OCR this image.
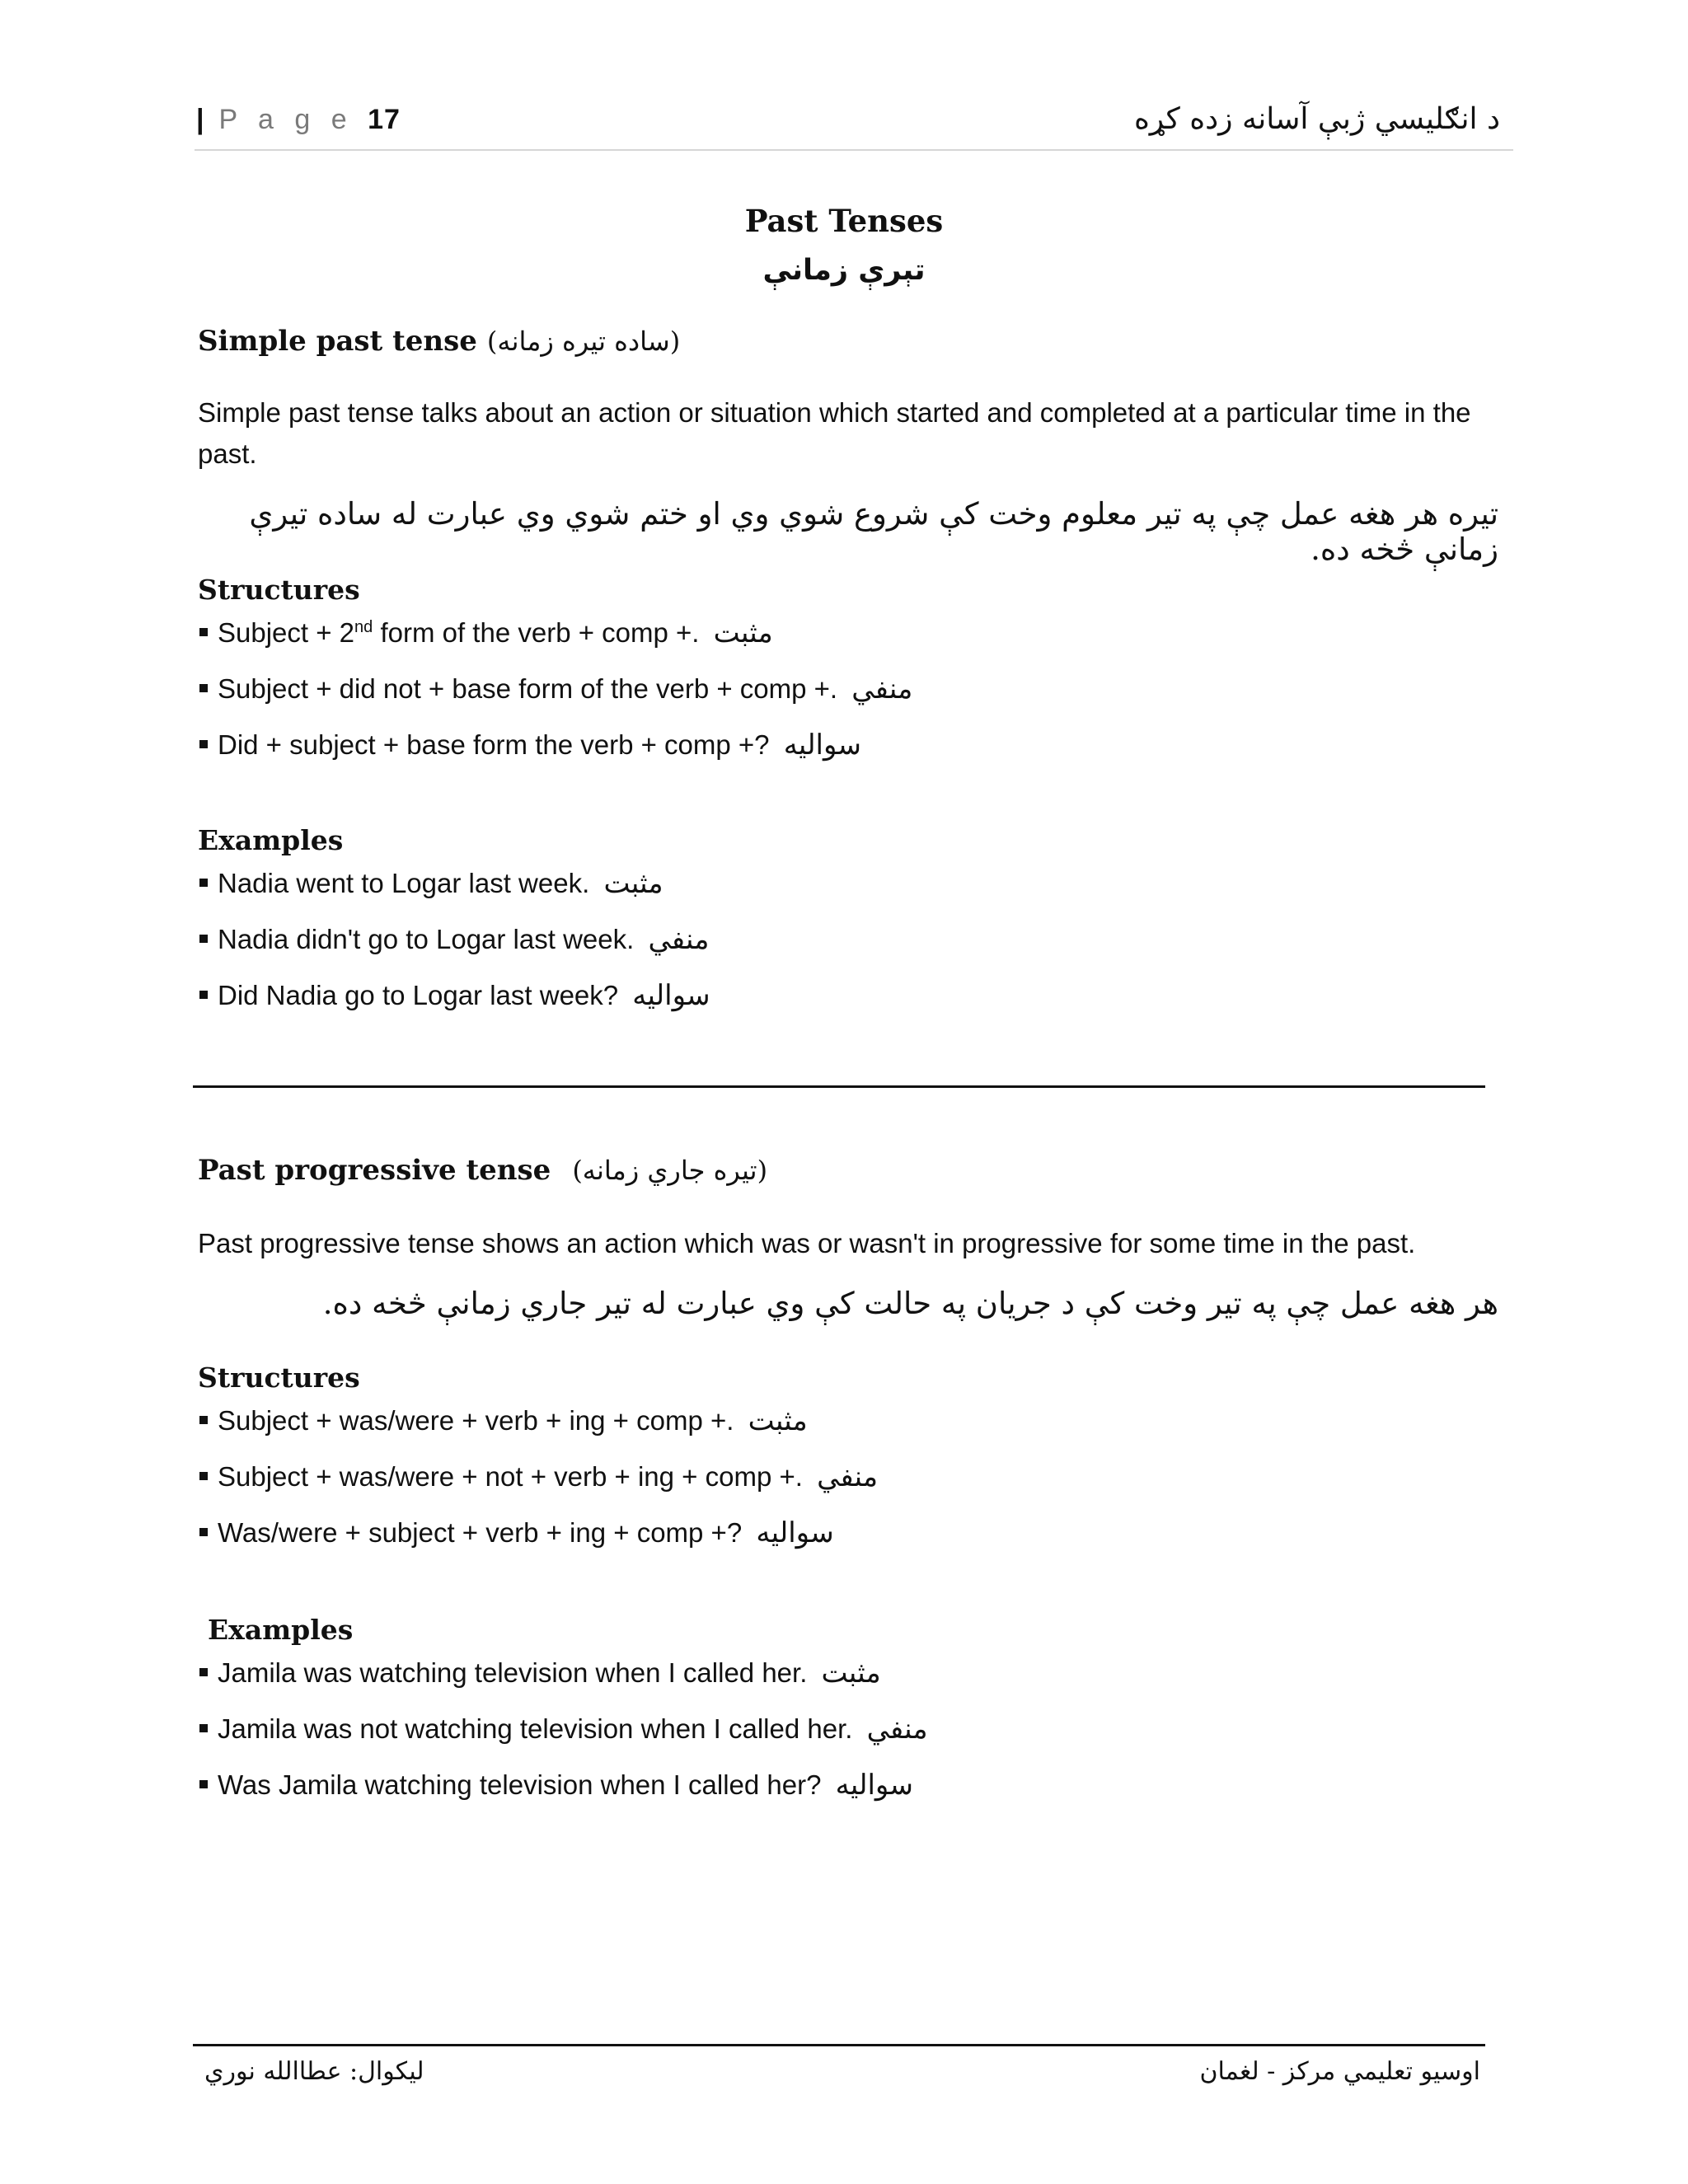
| P a g e 17	د انګلیسي ژبې آسانه زده کړه
Past Tenses
تېرې زمانې
Simple past tense (ساده تیره زمانه)
Simple past tense talks about an action or situation which started and completed at a particular time in the past.
تیره هر هغه عمل چې په تیر معلوم وخت کې شروع شوي وي او ختم شوي وي عبارت له ساده تیرې زمانې څخه ده.
Structures
Subject + 2nd form of the verb + comp +. مثبت
Subject + did not + base form of the verb + comp +. منفي
Did + subject + base form the verb + comp +? سواليه
Examples
Nadia went to Logar last week. مثبت
Nadia didn't go to Logar last week. منفي
Did Nadia go to Logar last week? سواليه
Past progressive tense (تیره جاري زمانه)
Past progressive tense shows an action which was or wasn't in progressive for some time in the past.
هر هغه عمل چې په تیر وخت کې د جریان په حالت کې وي عبارت له تیر جاري زمانې څخه ده.
Structures
Subject + was/were + verb + ing + comp +. مثبت
Subject + was/were + not + verb + ing + comp +. منفي
Was/were + subject + verb + ing + comp +? سواليه
Examples
Jamila was watching television when I called her. مثبت
Jamila was not watching television when I called her. منفي
Was Jamila watching television when I called her? سواليه
لیکوال: عطاالله نوري	اوسیو تعلیمي مرکز - لغمان
